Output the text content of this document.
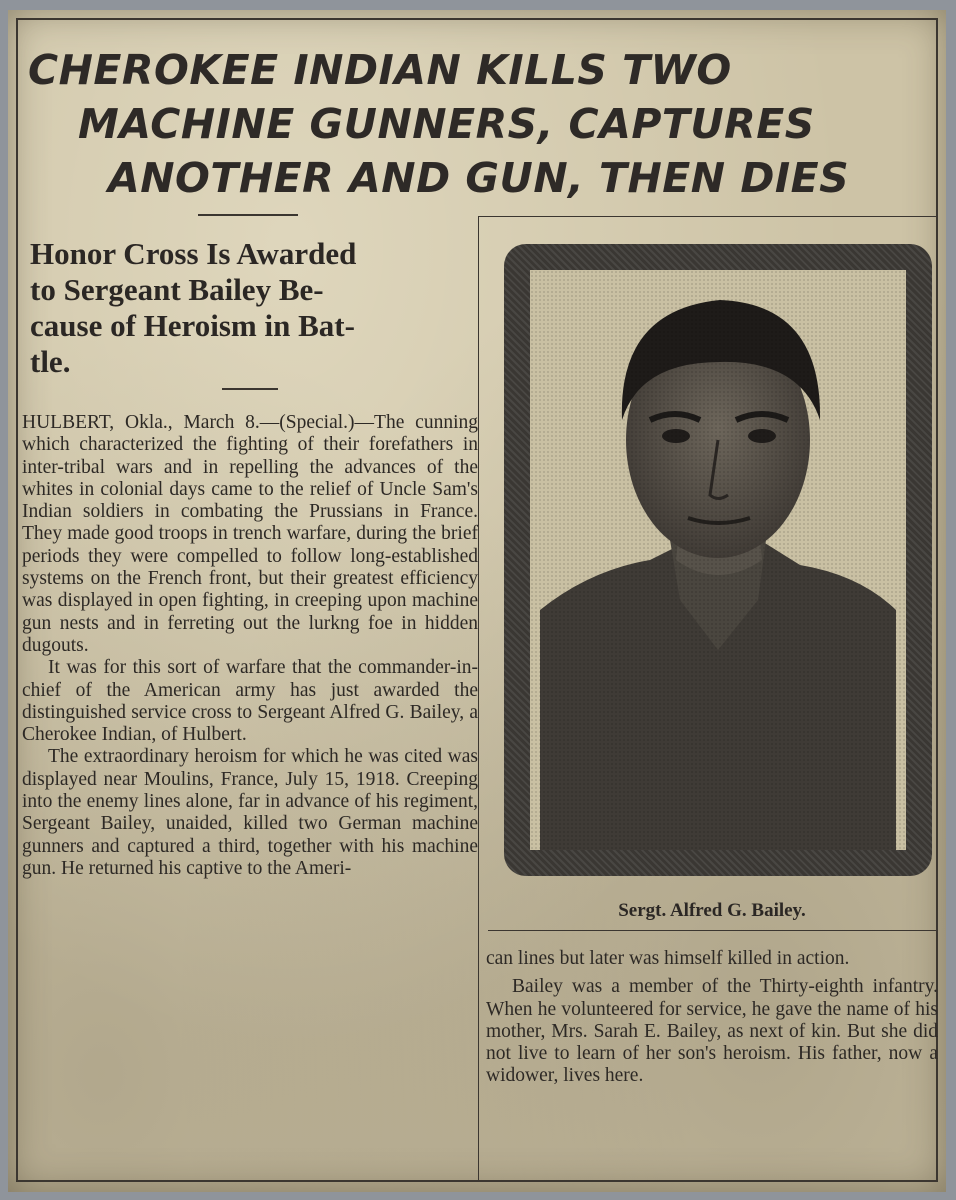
CHEROKEE INDIAN KILLS TWO
MACHINE GUNNERS, CAPTURES
ANOTHER AND GUN, THEN DIES
Honor Cross Is Awarded
to Sergeant Bailey Be-
cause of Heroism in Bat-
tle.

HULBERT, Okla., March 8.—(Special.)—The cunning which characterized the fighting of their forefathers in inter-tribal wars and in repelling the advances of the whites in colonial days came to the relief of Uncle Sam's Indian soldiers in combating the Prussians in France. They made good troops in trench warfare, during the brief periods they were compelled to follow long-established systems on the French front, but their greatest efficiency was displayed in open fighting, in creeping upon machine gun nests and in ferreting out the lurkng foe in hidden dugouts.

It was for this sort of warfare that the commander-in-chief of the American army has just awarded the distinguished service cross to Sergeant Alfred G. Bailey, a Cherokee Indian, of Hulbert.

The extraordinary heroism for which he was cited was displayed near Moulins, France, July 15, 1918. Creeping into the enemy lines alone, far in advance of his regiment, Sergeant Bailey, unaided, killed two German machine gunners and captured a third, together with his machine gun. He returned his captive to the Ameri-

Sergt. Alfred G. Bailey.

can lines but later was himself killed in action.

Bailey was a member of the Thirty-eighth infantry. When he volunteered for service, he gave the name of his mother, Mrs. Sarah E. Bailey, as next of kin. But she did not live to learn of her son's heroism. His father, now a widower, lives here.
